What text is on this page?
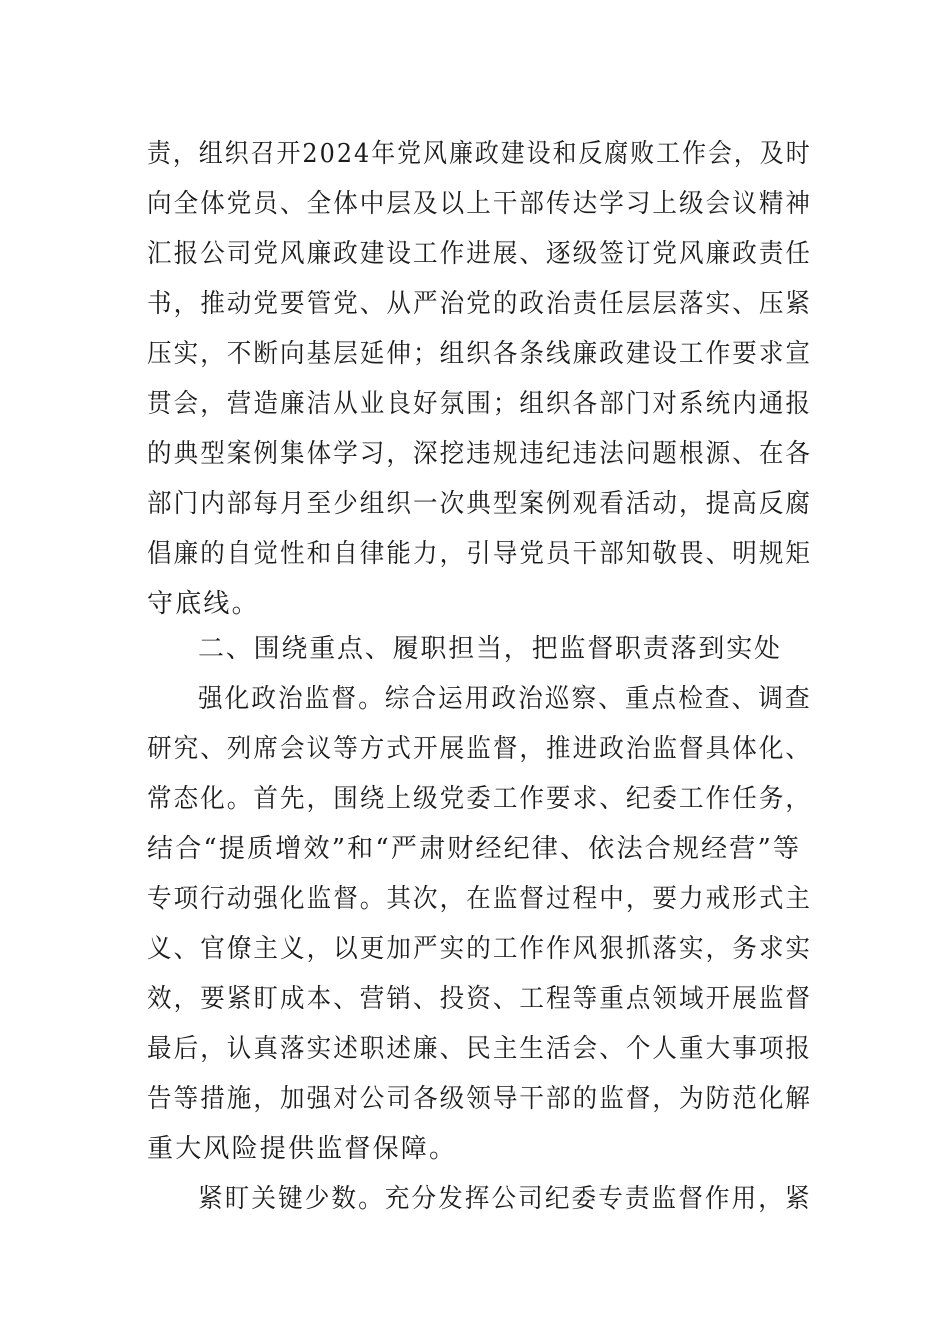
责，组织召开2024年党风廉政建设和反腐败工作会，及时
向全体党员、全体中层及以上干部传达学习上级会议精神
汇报公司党风廉政建设工作进展、逐级签订党风廉政责任
书，推动党要管党、从严治党的政治责任层层落实、压紧
压实，不断向基层延伸；组织各条线廉政建设工作要求宣
贯会，营造廉洁从业良好氛围；组织各部门对系统内通报
的典型案例集体学习，深挖违规违纪违法问题根源、在各
部门内部每月至少组织一次典型案例观看活动，提高反腐
倡廉的自觉性和自律能力，引导党员干部知敬畏、明规矩
守底线。
二、围绕重点、履职担当，把监督职责落到实处
强化政治监督。综合运用政治巡察、重点检查、调查
研究、列席会议等方式开展监督，推进政治监督具体化、
常态化。首先，围绕上级党委工作要求、纪委工作任务，
结合“提质增效”和“严肃财经纪律、依法合规经营”等
专项行动强化监督。其次，在监督过程中，要力戒形式主
义、官僚主义，以更加严实的工作作风狠抓落实，务求实
效，要紧盯成本、营销、投资、工程等重点领域开展监督
最后，认真落实述职述廉、民主生活会、个人重大事项报
告等措施，加强对公司各级领导干部的监督，为防范化解
重大风险提供监督保障。
紧盯关键少数。充分发挥公司纪委专责监督作用，紧
